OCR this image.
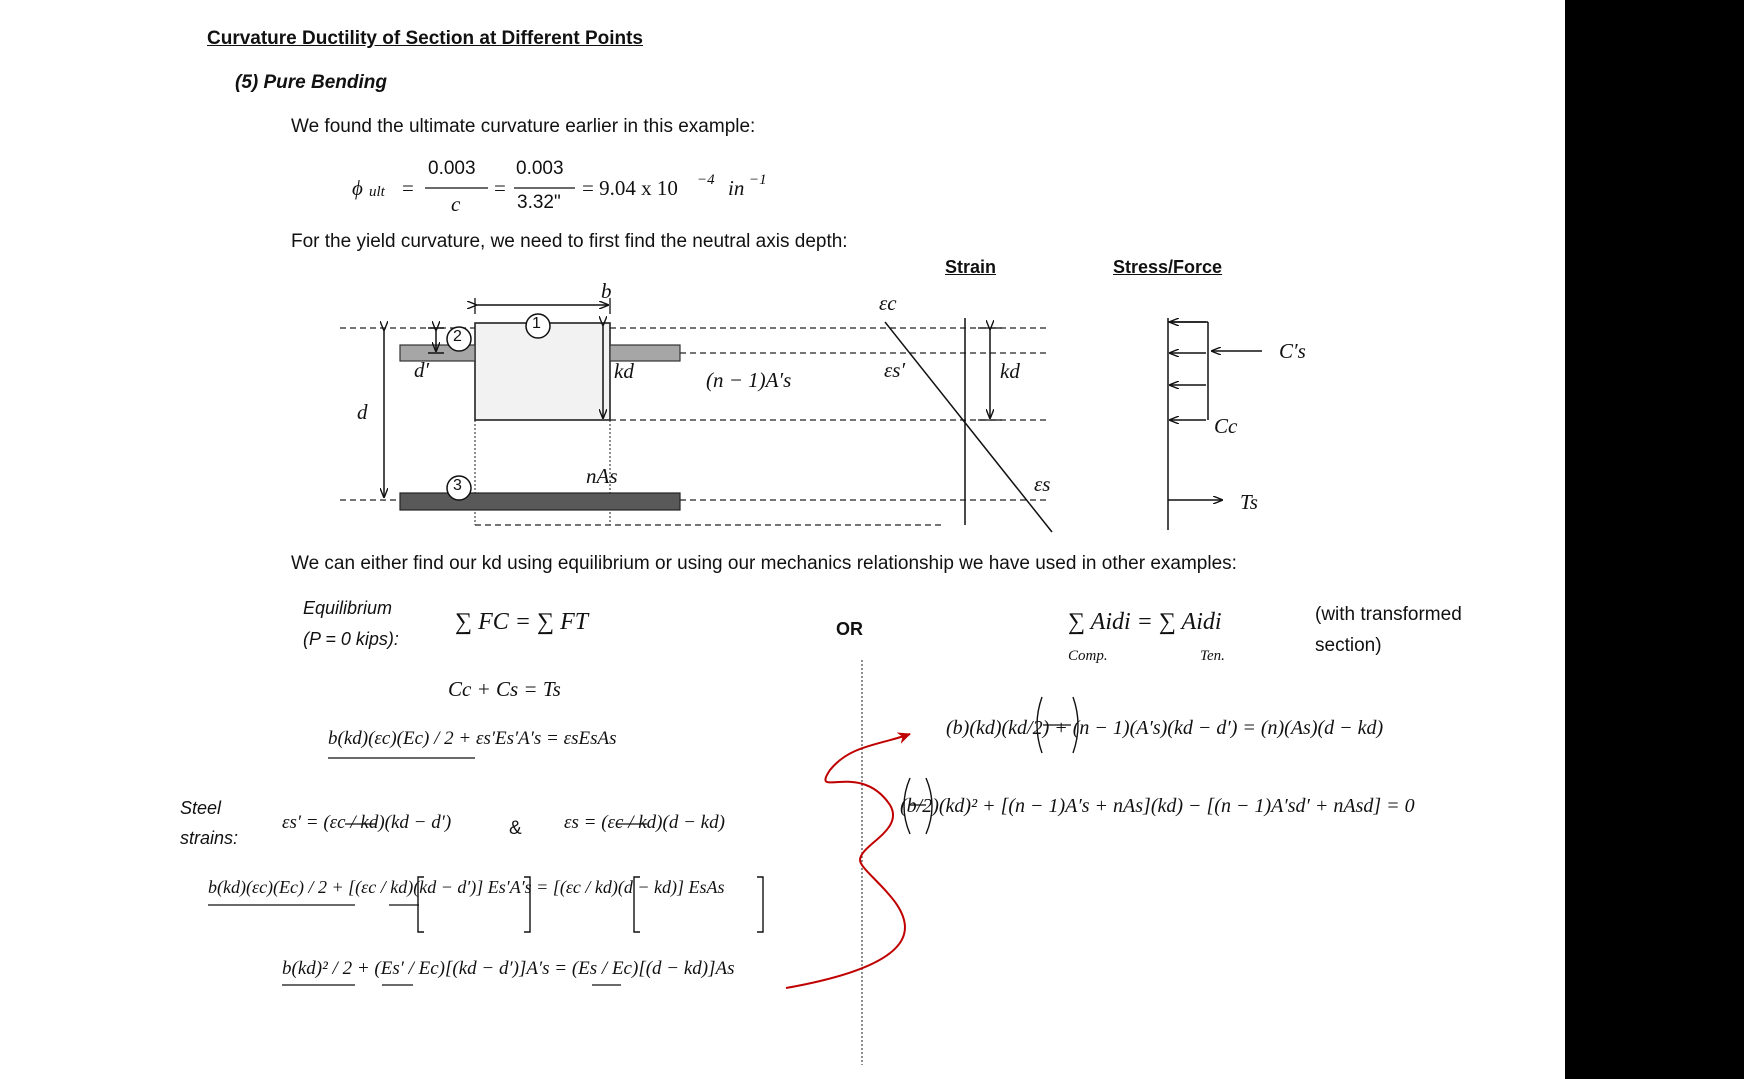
Curvature Ductility of Section at Different Points
(5) Pure Bending
We found the ultimate curvature earlier in this example:
ϕ ult =
0.003
c
=
0.003
3.32"
= 9.04 x 10 −4 in −1
For the yield curvature, we need to first find the neutral axis depth:
Strain	Stress/Force
b
kd
d
d′	(n − 1)A′s
nAs
1
2
3
εc
εs′
εs
kd
C′s
Cc
Ts
We can either find our kd using equilibrium or using our mechanics relationship we have used in other examples:
Equilibrium
(P = 0 kips):
∑ FC = ∑ FT
Cc + Cs = Ts
b(kd)(εc)(Ec) / 2 + εs′Es′A′s = εsEsAs
Steel
strains:
εs′ = (εc / kd)(kd − d′)	& εs = (εc / kd)(d − kd)
b(kd)(εc)(Ec) / 2 + [(εc / kd)(kd − d′)] Es′A′s = [(εc / kd)(d − kd)] EsAs
b(kd)² / 2 + (Es′ / Ec)[(kd − d′)]A′s = (Es / Ec)[(d − kd)]As
OR	∑ Aidi = ∑ Aidi
Comp.	Ten.
(with transformed
section)
(b)(kd)(kd/2) + (n − 1)(A′s)(kd − d′) = (n)(As)(d − kd)
(b/2)(kd)² + [(n − 1)A′s + nAs](kd) − [(n − 1)A′sd′ + nAsd] = 0
